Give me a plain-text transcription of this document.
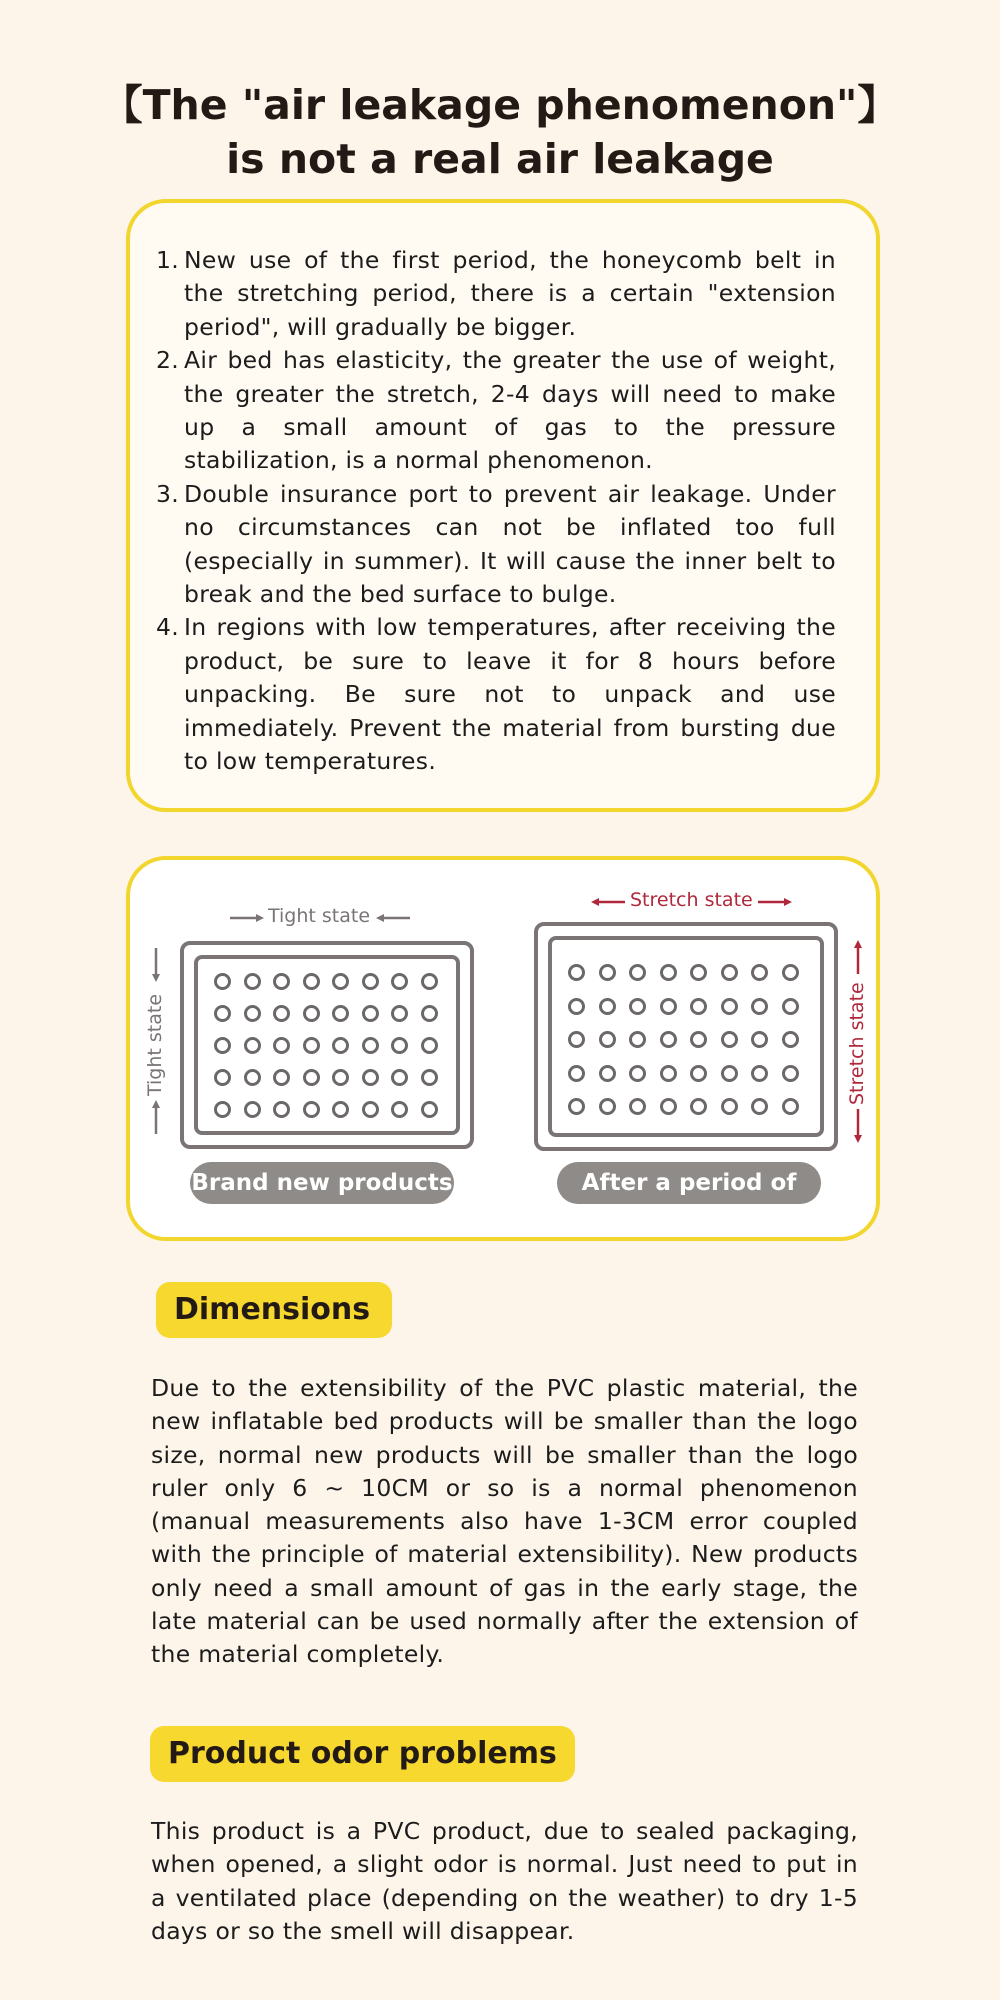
【The "air leakage phenomenon"】
is not a real air leakage
1. New use of the first period, the honeycomb belt in the stretching period, there is a certain "extension period", will gradually be bigger.
2. Air bed has elasticity, the greater the use of weight, the greater the stretch, 2-4 days will need to make up a small amount of gas to the pressure stabilization, is a normal phenomenon.
3. Double insurance port to prevent air leakage. Under no circumstances can not be inflated too full (especially in summer). It will cause the inner belt to break and the bed surface to bulge.
4. In regions with low temperatures, after receiving the product, be sure to leave it for 8 hours before unpacking. Be sure not to unpack and use immediately. Prevent the material from bursting due to low temperatures.
Tight state
Tight state
Brand new products
Stretch state
Stretch state
After a period of use
Dimensions

Due to the extensibility of the PVC plastic material, the new inflatable bed products will be smaller than the logo size, normal new products will be smaller than the logo ruler only 6 ~ 10CM or so is a normal phenomenon (manual measurements also have 1-3CM error coupled with the principle of material extensibility). New products only need a small amount of gas in the early stage, the late material can be used normally after the extension of the material completely.

Product odor problems

This product is a PVC product, due to sealed packaging, when opened, a slight odor is normal. Just need to put in a ventilated place (depending on the weather) to dry 1-5 days or so the smell will disappear.
